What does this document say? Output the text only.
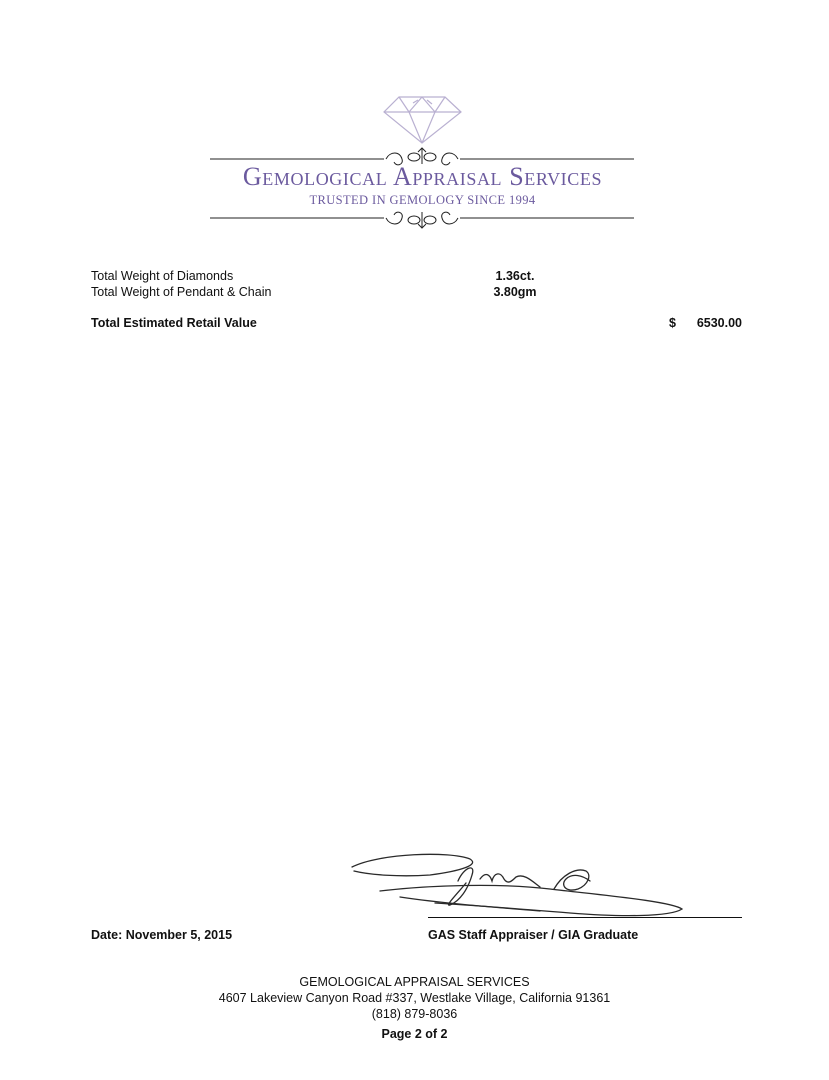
Gemological Appraisal Services
TRUSTED IN GEMOLOGY SINCE 1994
Total Weight of Diamonds	1.36ct.
Total Weight of Pendant & Chain	3.80gm
Total Estimated Retail Value	$	6530.00
Date: November 5, 2015	GAS Staff Appraiser / GIA Graduate
GEMOLOGICAL APPRAISAL SERVICES
4607 Lakeview Canyon Road #337, Westlake Village, California 91361
(818) 879-8036
Page 2 of 2
